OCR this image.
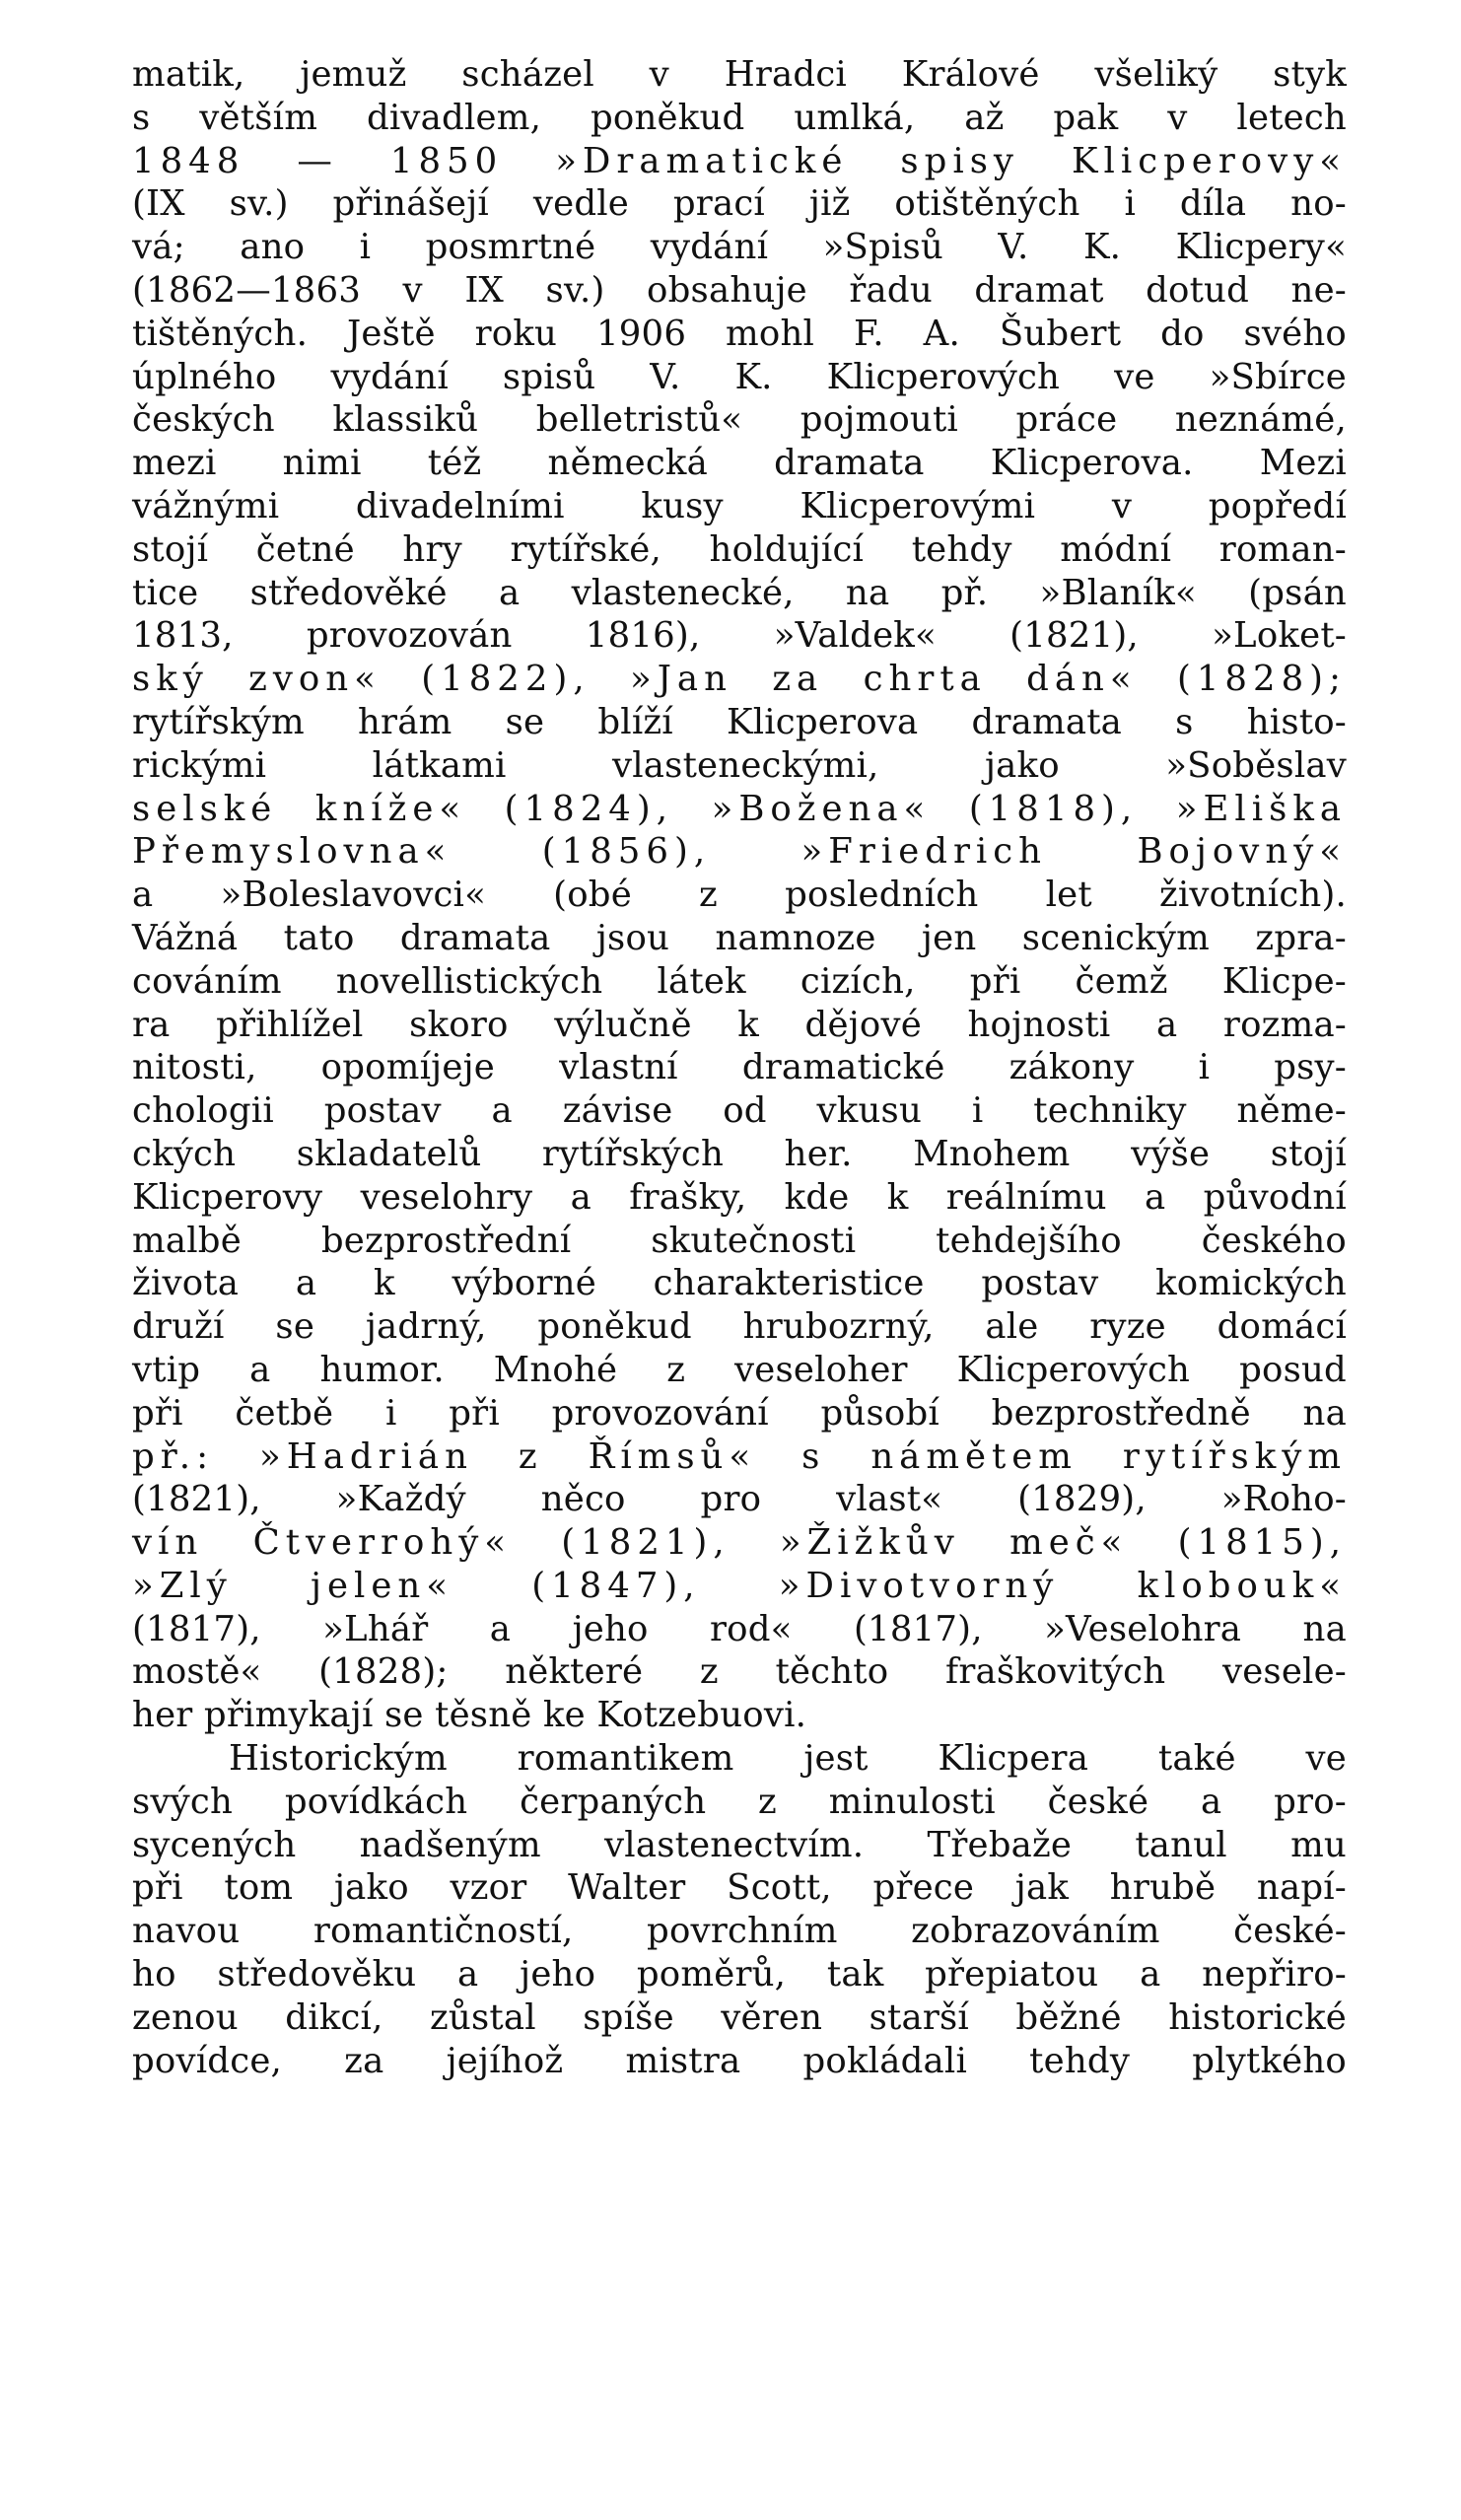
matik, jemuž scházel v Hradci Králové všeliký styk
s větším divadlem, poněkud umlká, až pak v letech
1848 — 1850 »Dramatické spisy Klicperovy«
(IX sv.) přinášejí vedle prací již otištěných i díla no-
vá; ano i posmrtné vydání »Spisů V. K. Klicpery«
(1862—1863 v IX sv.) obsahuje řadu dramat dotud ne-
tištěných. Ještě roku 1906 mohl F. A. Šubert do svého
úplného vydání spisů V. K. Klicperových ve »Sbírce
českých klassiků belletristů« pojmouti práce neznámé,
mezi nimi též německá dramata Klicperova. Mezi
vážnými divadelními kusy Klicperovými v popředí
stojí četné hry rytířské, holdující tehdy módní roman-
tice středověké a vlastenecké, na př. »Blaník« (psán
1813, provozován 1816), »Valdek« (1821), »Loket-
ský zvon« (1822), »Jan za chrta dán« (1828);
rytířským hrám se blíží Klicperova dramata s histo-
rickými látkami vlasteneckými, jako »Soběslav
selské kníže« (1824), »Božena« (1818), »Eliška
Přemyslovna« (1856), »Friedrich Bojovný«
a »Boleslavovci« (obé z posledních let životních).
Vážná tato dramata jsou namnoze jen scenickým zpra-
cováním novellistických látek cizích, při čemž Klicpe-
ra přihlížel skoro výlučně k dějové hojnosti a rozma-
nitosti, opomíjeje vlastní dramatické zákony i psy-
chologii postav a závise od vkusu i techniky něme-
ckých skladatelů rytířských her. Mnohem výše stojí
Klicperovy veselohry a frašky, kde k reálnímu a původní
malbě bezprostřední skutečnosti tehdejšího českého
života a k výborné charakteristice postav komických
druží se jadrný, poněkud hrubozrný, ale ryze domácí
vtip a humor. Mnohé z veseloher Klicperových posud
při četbě i při provozování působí bezprostředně na
př.: »Hadrián z Římsů« s námětem rytířským
(1821), »Každý něco pro vlast« (1829), »Roho-
vín Čtverrohý« (1821), »Žižkův meč« (1815),
»Zlý jelen« (1847), »Divotvorný klobouk«
(1817), »Lhář a jeho rod« (1817), »Veselohra na
mostě« (1828); některé z těchto fraškovitých vesele-
her přimykají se těsně ke Kotzebuovi.
Historickým romantikem jest Klicpera také ve
svých povídkách čerpaných z minulosti české a pro-
sycených nadšeným vlastenectvím. Třebaže tanul mu
při tom jako vzor Walter Scott, přece jak hrubě napí-
navou romantičností, povrchním zobrazováním české-
ho středověku a jeho poměrů, tak přepiatou a nepřiro-
zenou dikcí, zůstal spíše věren starší běžné historické
povídce, za jejíhož mistra pokládali tehdy plytkého
